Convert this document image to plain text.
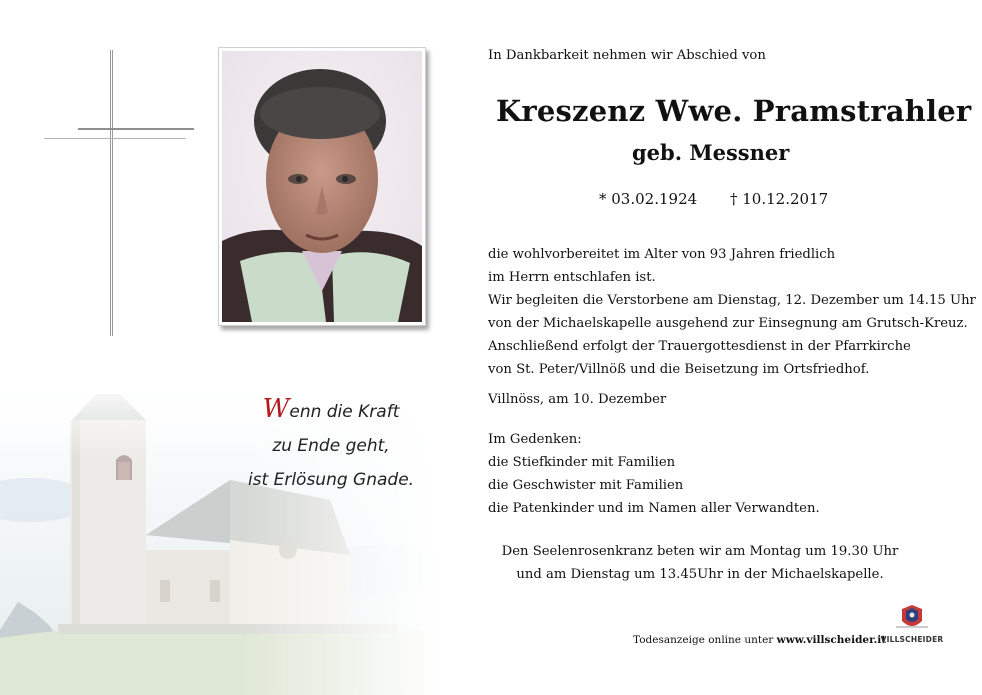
Wenn die Kraft
zu Ende geht,
ist Erlösung Gnade.
In Dankbarkeit nehmen wir Abschied von
Kreszenz Wwe. Pramstrahler
geb. Messner
* 03.02.1924 † 10.12.2017
die wohlvorbereitet im Alter von 93 Jahren friedlich
im Herrn entschlafen ist.
Wir begleiten die Verstorbene am Dienstag, 12. Dezember um 14.15 Uhr
von der Michaelskapelle ausgehend zur Einsegnung am Grutsch-Kreuz.
Anschließend erfolgt der Trauergottesdienst in der Pfarrkirche
von St. Peter/Villnöß und die Beisetzung im Ortsfriedhof.
Villnöss, am 10. Dezember
Im Gedenken:
die Stiefkinder mit Familien
die Geschwister mit Familien
die Patenkinder und im Namen aller Verwandten.
Den Seelenrosenkranz beten wir am Montag um 19.30 Uhr
und am Dienstag um 13.45Uhr in der Michaelskapelle.
Todesanzeige online unter www.villscheider.it
VILLSCHEIDER
